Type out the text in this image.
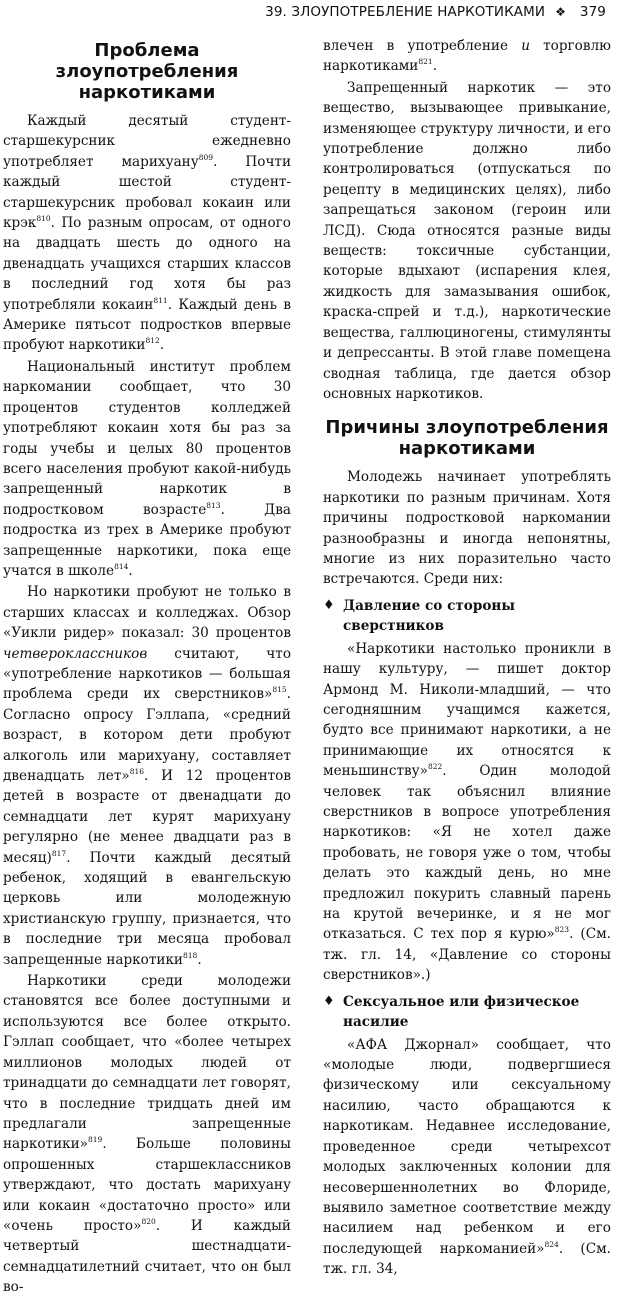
39. ЗЛОУПОТРЕБЛЕНИЕ НАРКОТИКАМИ ❖ 379
Проблема злоупотребления наркотиками

Каждый десятый студент-старшекурсник ежедневно употребляет марихуану$^{809}$. Почти каждый шестой студент-старшекурсник пробовал кокаин или крэк$^{810}$. По разным опросам, от одного на двадцать шесть до одного на двенадцать учащихся старших классов в последний год хотя бы раз употребляли кокаин$^{811}$. Каждый день в Америке пятьсот подростков впервые пробуют наркотики$^{812}$.

Национальный институт проблем наркомании сообщает, что 30 процентов студентов колледжей употребляют кокаин хотя бы раз за годы учебы и целых 80 процентов всего населения пробуют какой-нибудь запрещенный наркотик в подростковом возрасте$^{813}$. Два подростка из трех в Америке пробуют запрещенные наркотики, пока еще учатся в школе$^{814}$.

Но наркотики пробуют не только в старших классах и колледжах. Обзор «Уикли ридер» показал: 30 процентов четвероклассников считают, что «употребление наркотиков — большая проблема среди их сверстников»$^{815}$. Согласно опросу Гэллапа, «средний возраст, в котором дети пробуют алкоголь или марихуану, составляет двенадцать лет»$^{816}$. И 12 процентов детей в возрасте от двенадцати до семнадцати лет курят марихуану регулярно (не менее двадцати раз в месяц)$^{817}$. Почти каждый десятый ребенок, ходящий в евангельскую церковь или молодежную христианскую группу, признается, что в последние три месяца пробовал запрещенные наркотики$^{818}$.

Наркотики среди молодежи становятся все более доступными и используются все более открыто. Гэллап сообщает, что «более четырех миллионов молодых людей от тринадцати до семнадцати лет говорят, что в последние тридцать дней им предлагали запрещенные наркотики»$^{819}$. Больше половины опрошенных старшеклассников утверждают, что достать марихуану или кокаин «достаточно просто» или «очень просто»$^{820}$. И каждый четвертый шестнадцати-семнадцатилетний считает, что он был во-

влечен в употребление и торговлю наркотиками$^{821}$.

Запрещенный наркотик — это вещество, вызывающее привыкание, изменяющее структуру личности, и его употребление должно либо контролироваться (отпускаться по рецепту в медицинских целях), либо запрещаться законом (героин или ЛСД). Сюда относятся разные виды веществ: токсичные субстанции, которые вдыхают (испарения клея, жидкость для замазывания ошибок, краска-спрей и т.д.), наркотические вещества, галлюциногены, стимулянты и депрессанты. В этой главе помещена сводная таблица, где дается обзор основных наркотиков.

Причины злоупотребления наркотиками

Молодежь начинает употреблять наркотики по разным причинам. Хотя причины подростковой наркомании разнообразны и иногда непонятны, многие из них поразительно часто встречаются. Среди них:

♦ Давление со стороны сверстников

«Наркотики настолько проникли в нашу культуру, — пишет доктор Армонд М. Николи-младший, — что сегодняшним учащимся кажется, будто все принимают наркотики, а не принимающие их относятся к меньшинству»$^{822}$. Один молодой человек так объяснил влияние сверстников в вопросе употребления наркотиков: «Я не хотел даже пробовать, не говоря уже о том, чтобы делать это каждый день, но мне предложил покурить славный парень на крутой вечеринке, и я не мог отказаться. С тех пор я курю»$^{823}$. (См. тж. гл. 14, «Давление со стороны сверстников».)

♦ Сексуальное или физическое насилие

«АФА Джорнал» сообщает, что «молодые люди, подвергшиеся физическому или сексуальному насилию, часто обращаются к наркотикам. Недавнее исследование, проведенное среди четырехсот молодых заключенных колонии для несовершеннолетних во Флориде, выявило заметное соответствие между насилием над ребенком и его последующей наркоманией»$^{824}$. (См. тж. гл. 34,
